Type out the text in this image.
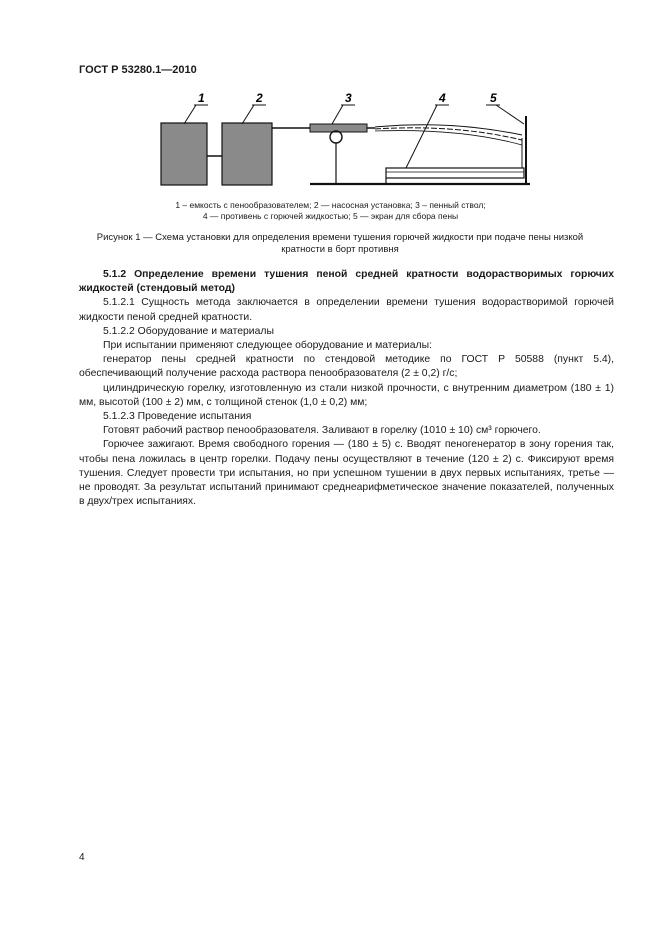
ГОСТ Р 53280.1—2010
1	2	3	4	5
1 – емкость с пенообразователем; 2 — насосная установка; 3 – пенный ствол;
4 — противень с горючей жидкостью; 5 — экран для сбора пены
Рисунок 1 — Схема установки для определения времени тушения горючей жидкости при подаче пены низкой
кратности в борт противня

5.1.2 Определение времени тушения пеной средней кратности водорастворимых горючих жидкостей (стендовый метод)

5.1.2.1 Сущность метода заключается в определении времени тушения водорастворимой горючей жидкости пеной средней кратности.

5.1.2.2 Оборудование и материалы

При испытании применяют следующее оборудование и материалы:

генератор пены средней кратности по стендовой методике по ГОСТ Р 50588 (пункт 5.4), обеспечивающий получение расхода раствора пенообразователя (2 ± 0,2) г/с;

цилиндрическую горелку, изготовленную из стали низкой прочности, с внутренним диаметром (180 ± 1) мм, высотой (100 ± 2) мм, с толщиной стенок (1,0 ± 0,2) мм;

5.1.2.3 Проведение испытания

Готовят рабочий раствор пенообразователя. Заливают в горелку (1010 ± 10) см³ горючего.

Горючее зажигают. Время свободного горения — (180 ± 5) с. Вводят пеногенератор в зону горения так, чтобы пена ложилась в центр горелки. Подачу пены осуществляют в течение (120 ± 2) с. Фиксируют время тушения. Следует провести три испытания, но при успешном тушении в двух первых испытаниях, третье — не проводят. За результат испытаний принимают среднеарифметическое значение показателей, полученных в двух/трех испытаниях.

4
